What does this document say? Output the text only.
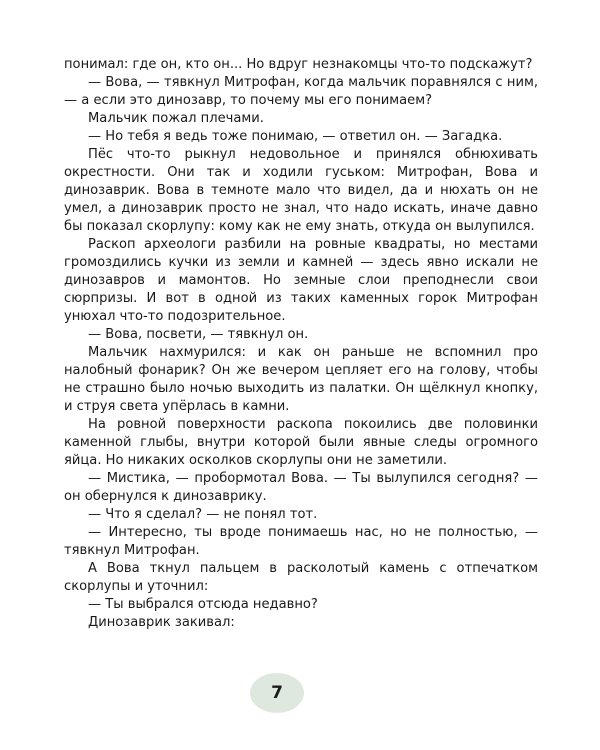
понимал: где он, кто он... Но вдруг незнакомцы что-то подскажут?

— Вова, — тявкнул Митрофан, когда мальчик поравнялся с ним, — а если это динозавр, то почему мы его понимаем?

Мальчик пожал плечами.

— Но тебя я ведь тоже понимаю, — ответил он. — Загадка.

Пёс что-то рыкнул недовольное и принялся обнюхивать окрестности. Они так и ходили гуськом: Митрофан, Вова и динозаврик. Вова в темноте мало что видел, да и нюхать он не умел, а динозаврик просто не знал, что надо искать, иначе давно бы показал скорлупу: кому как не ему знать, откуда он вылупился.

Раскоп археологи разбили на ровные квадраты, но местами громоздились кучки из земли и камней — здесь явно искали не динозавров и мамонтов. Но земные слои преподнесли свои сюрпризы. И вот в одной из таких каменных горок Митрофан унюхал что-то подозрительное.

— Вова, посвети, — тявкнул он.

Мальчик нахмурился: и как он раньше не вспомнил про налобный фонарик? Он же вечером цепляет его на голову, чтобы не страшно было ночью выходить из палатки. Он щёлкнул кнопку, и струя света упёрлась в камни.

На ровной поверхности раскопа покоились две половинки каменной глыбы, внутри которой были явные следы огромного яйца. Но никаких осколков скорлупы они не заметили.

— Мистика, — пробормотал Вова. — Ты вылупился сегодня? — он обернулся к динозаврику.

— Что я сделал? — не понял тот.

— Интересно, ты вроде понимаешь нас, но не полностью, — тявкнул Митрофан.

А Вова ткнул пальцем в расколотый камень с отпечатком скорлупы и уточнил:

— Ты выбрался отсюда недавно?

Динозаврик закивал:

7
